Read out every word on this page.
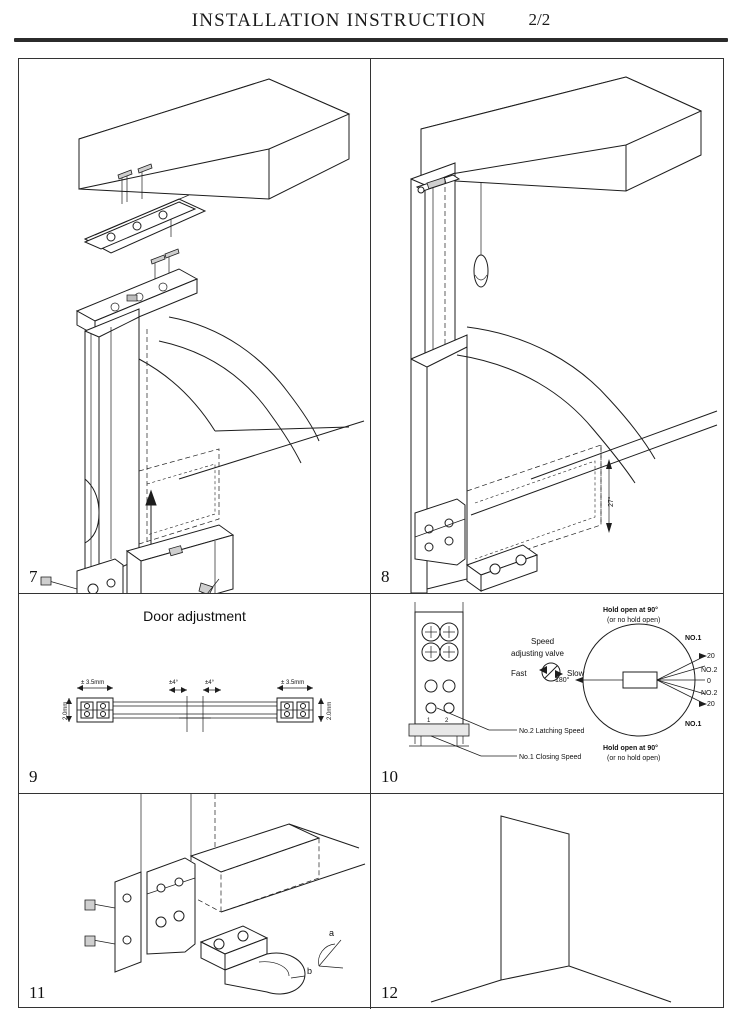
INSTALLATION INSTRUCTION 2/2
7
27°
8
Door adjustment
± 3.5mm
2.0mm
± 3.5mm
2.0mm
±4°	±4°
9
1 2
No.2 Latching Speed
No.1 Closing Speed
Speed
adjusting valve
Fast	Slow
20
0
20
NO.2
NO.2
NO.1
NO.1
180°
Hold open at 90°
(or no hold open)
Hold open at 90°
(or no hold open)
10
a
b
11	12
